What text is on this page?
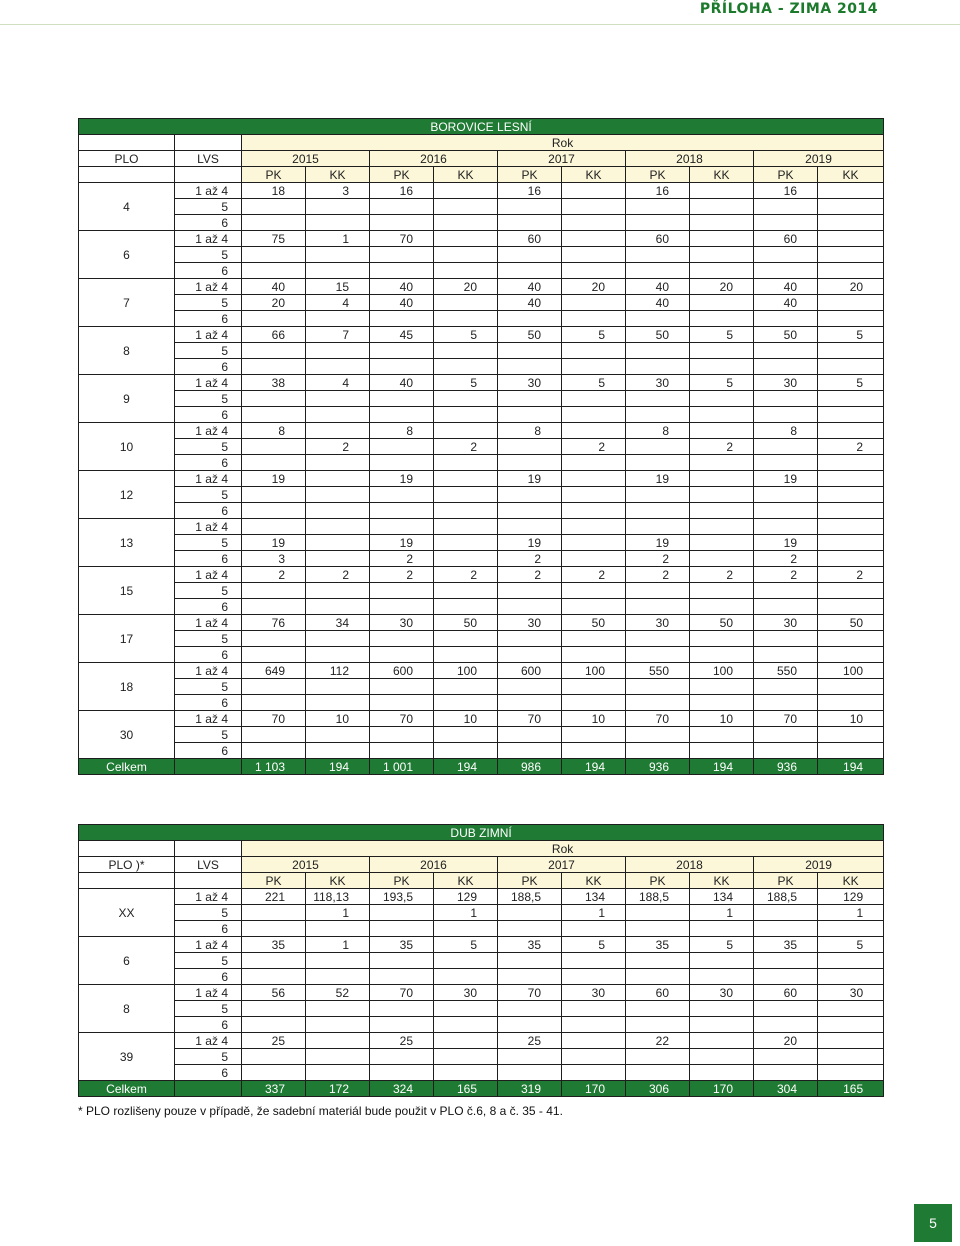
PŘÍLOHA - ZIMA 2014
BOROVICE LESNÍ											
		Rok									
PLO	LVS	2015		2016		2017		2018		2019	
		PK	KK	PK	KK	PK	KK	PK	KK	PK	KK
4	1 až 4	18	3	16		16		16		16	
	5										
	6										
6	1 až 4	75	1	70		60		60		60	
	5										
	6										
7	1 až 4	40	15	40	20	40	20	40	20	40	20
	5	20	4	40		40		40		40	
	6										
8	1 až 4	66	7	45	5	50	5	50	5	50	5
	5										
	6										
9	1 až 4	38	4	40	5	30	5	30	5	30	5
	5										
	6										
10	1 až 4	8		8		8		8		8	
	5		2		2		2		2		2
	6										
12	1 až 4	19		19		19		19		19	
	5										
	6										
13	1 až 4										
	5	19		19		19		19		19	
	6	3		2		2		2		2	
15	1 až 4	2	2	2	2	2	2	2	2	2	2
	5										
	6										
17	1 až 4	76	34	30	50	30	50	30	50	30	50
	5										
	6										
18	1 až 4	649	112	600	100	600	100	550	100	550	100
	5										
	6										
30	1 až 4	70	10	70	10	70	10	70	10	70	10
	5										
	6										
Celkem		1 103	194	1 001	194	986	194	936	194	936	194
DUB ZIMNÍ											
		Rok									
PLO )*	LVS	2015		2016		2017		2018		2019	
		PK	KK	PK	KK	PK	KK	PK	KK	PK	KK
XX	1 až 4	221	118,13	193,5	129	188,5	134	188,5	134	188,5	129
	5		1		1		1		1		1
	6										
6	1 až 4	35	1	35	5	35	5	35	5	35	5
	5										
	6										
8	1 až 4	56	52	70	30	70	30	60	30	60	30
	5										
	6										
39	1 až 4	25		25		25		22		20	
	5										
	6										
Celkem		337	172	324	165	319	170	306	170	304	165
* PLO rozlišeny pouze v případě, že sadební materiál bude použit v PLO č.6, 8 a č. 35 - 41.
5
